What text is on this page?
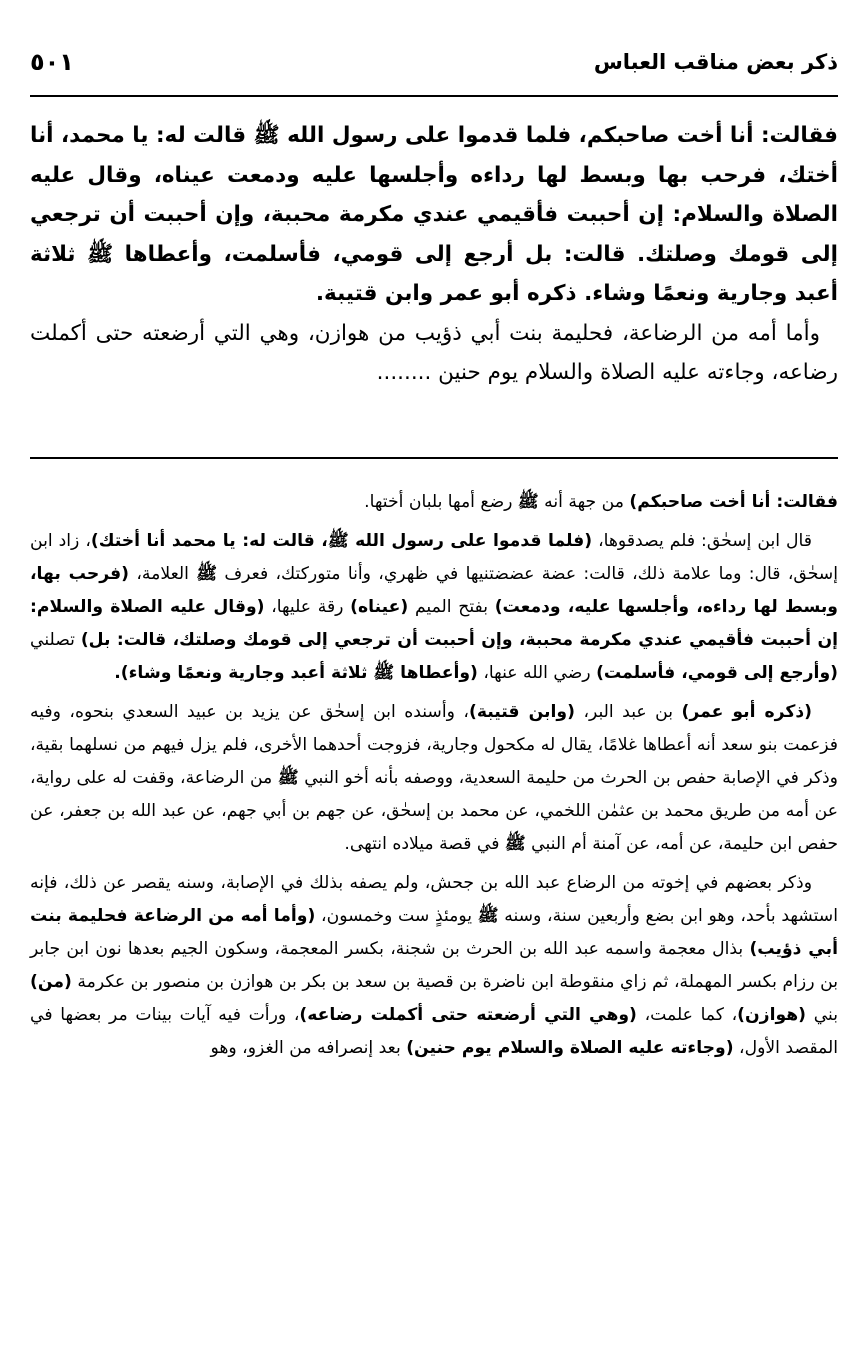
ذكر بعض مناقب العباس
٥٠١

فقالت: أنا أخت صاحبكم، فلما قدموا على رسول الله ﷺ قالت له: يا محمد، أنا أختك، فرحب بها وبسط لها رداءه وأجلسها عليه ودمعت عيناه، وقال عليه الصلاة والسلام: إن أحببت فأقيمي عندي مكرمة محببة، وإن أحببت أن ترجعي إلى قومك وصلتك. قالت: بل أرجع إلى قومي، فأسلمت، وأعطاها ﷺ ثلاثة أعبد وجارية ونعمًا وشاء. ذكره أبو عمر وابن قتيبة.

وأما أمه من الرضاعة، فحليمة بنت أبي ذؤيب من هوازن، وهي التي أرضعته حتى أكملت رضاعه، وجاءته عليه الصلاة والسلام يوم حنين ........

فقالت: أنا أخت صاحبكم) من جهة أنه ﷺ رضع أمها بلبان أختها.

قال ابن إسحٰق: فلم يصدقوها، (فلما قدموا على رسول الله ﷺ، قالت له: يا محمد أنا أختك)، زاد ابن إسحٰق، قال: وما علامة ذلك، قالت: عضة عضضتنيها في ظهري، وأنا متوركتك، فعرف ﷺ العلامة، (فرحب بها، وبسط لها رداءه، وأجلسها عليه، ودمعت) بفتح الميم (عيناه) رقة عليها، (وقال عليه الصلاة والسلام: إن أحببت فأقيمي عندي مكرمة محببة، وإن أحببت أن ترجعي إلى قومك وصلتك، قالت: بل) تصلني (وأرجع إلى قومي، فأسلمت) رضي الله عنها، (وأعطاها ﷺ ثلاثة أعبد وجارية ونعمًا وشاء).

(ذكره أبو عمر) بن عبد البر، (وابن قتيبة)، وأسنده ابن إسحٰق عن يزيد بن عبيد السعدي بنحوه، وفيه فزعمت بنو سعد أنه أعطاها غلامًا، يقال له مكحول وجارية، فزوجت أحدهما الأخرى، فلم يزل فيهم من نسلهما بقية، وذكر في الإصابة حفص بن الحرث من حليمة السعدية، ووصفه بأنه أخو النبي ﷺ من الرضاعة، وقفت له على رواية، عن أمه من طريق محمد بن عثمٰن اللخمي، عن محمد بن إسحٰق، عن جهم بن أبي جهم، عن عبد الله بن جعفر، عن حفص ابن حليمة، عن أمه، عن آمنة أم النبي ﷺ في قصة ميلاده انتهى.

وذكر بعضهم في إخوته من الرضاع عبد الله بن جحش، ولم يصفه بذلك في الإصابة، وسنه يقصر عن ذلك، فإنه استشهد بأحد، وهو ابن بضع وأربعين سنة، وسنه ﷺ يومئذٍ ست وخمسون، (وأما أمه من الرضاعة فحليمة بنت أبي ذؤيب) بذال معجمة واسمه عبد الله بن الحرث بن شجنة، بكسر المعجمة، وسكون الجيم بعدها نون ابن جابر بن رزام بكسر المهملة، ثم زاي منقوطة ابن ناضرة بن قصية بن سعد بن بكر بن هوازن بن منصور بن عكرمة (من) بني (هوازن)، كما علمت، (وهي التي أرضعته حتى أكملت رضاعه)، ورأت فيه آيات بينات مر بعضها في المقصد الأول، (وجاءته عليه الصلاة والسلام يوم حنين) بعد إنصرافه من الغزو، وهو
